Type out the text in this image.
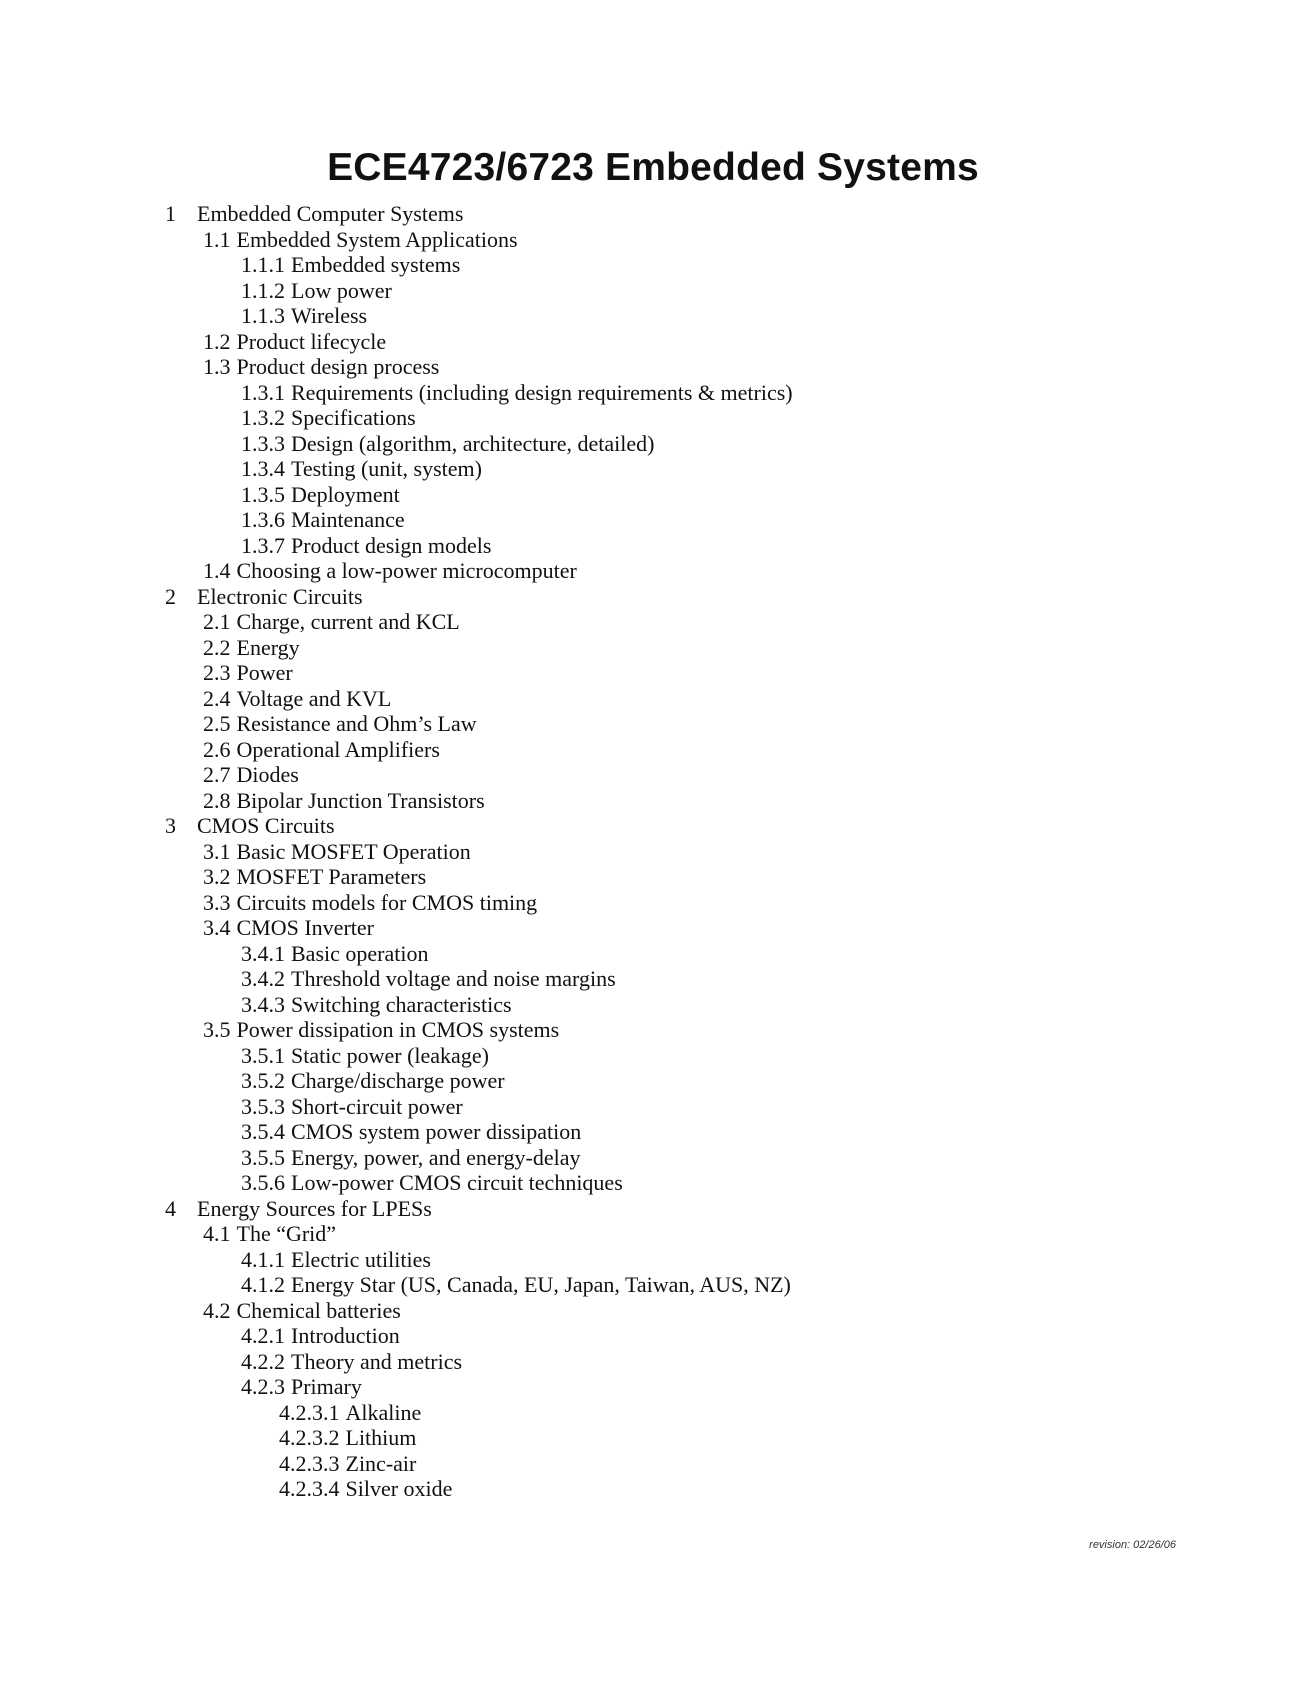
ECE4723/6723 Embedded Systems
1 Embedded Computer Systems
1.1 Embedded System Applications
1.1.1 Embedded systems
1.1.2 Low power
1.1.3 Wireless
1.2 Product lifecycle
1.3 Product design process
1.3.1 Requirements (including design requirements & metrics)
1.3.2 Specifications
1.3.3 Design (algorithm, architecture, detailed)
1.3.4 Testing (unit, system)
1.3.5 Deployment
1.3.6 Maintenance
1.3.7 Product design models
1.4 Choosing a low-power microcomputer
2 Electronic Circuits
2.1 Charge, current and KCL
2.2 Energy
2.3 Power
2.4 Voltage and KVL
2.5 Resistance and Ohm’s Law
2.6 Operational Amplifiers
2.7 Diodes
2.8 Bipolar Junction Transistors
3 CMOS Circuits
3.1 Basic MOSFET Operation
3.2 MOSFET Parameters
3.3 Circuits models for CMOS timing
3.4 CMOS Inverter
3.4.1 Basic operation
3.4.2 Threshold voltage and noise margins
3.4.3 Switching characteristics
3.5 Power dissipation in CMOS systems
3.5.1 Static power (leakage)
3.5.2 Charge/discharge power
3.5.3 Short-circuit power
3.5.4 CMOS system power dissipation
3.5.5 Energy, power, and energy-delay
3.5.6 Low-power CMOS circuit techniques
4 Energy Sources for LPESs
4.1 The “Grid”
4.1.1 Electric utilities
4.1.2 Energy Star (US, Canada, EU, Japan, Taiwan, AUS, NZ)
4.2 Chemical batteries
4.2.1 Introduction
4.2.2 Theory and metrics
4.2.3 Primary
4.2.3.1 Alkaline
4.2.3.2 Lithium
4.2.3.3 Zinc-air
4.2.3.4 Silver oxide
revision: 02/26/06
